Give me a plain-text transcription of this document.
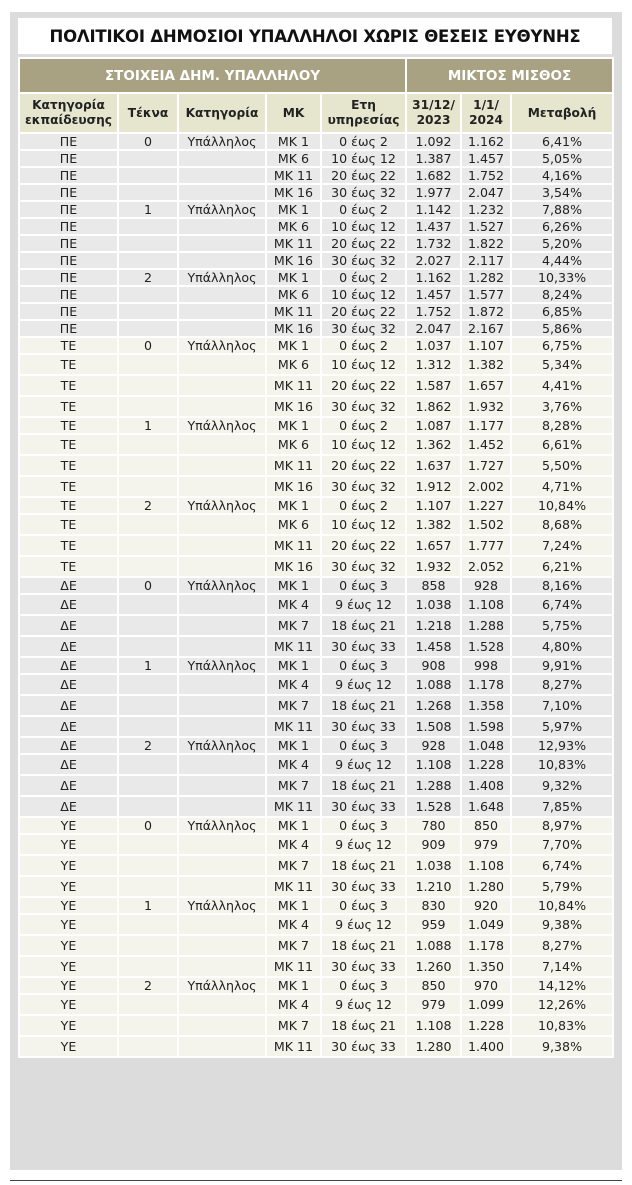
ΠΟΛΙΤΙΚΟΙ ΔΗΜΟΣΙΟΙ ΥΠΑΛΛΗΛΟΙ ΧΩΡΙΣ ΘΕΣΕΙΣ ΕΥΘΥΝΗΣ
ΣΤΟΙΧΕΙΑ ΔΗΜ. ΥΠΑΛΛΗΛΟΥ					ΜΙΚΤΟΣ ΜΙΣΘΟΣ		
Κατηγορία εκπαίδευσης	Τέκνα	Κατηγορία	ΜΚ	Ετη υπηρεσίας	31/12/ 2023	1/1/ 2024	Μεταβολή
ΠΕ	0	Υπάλληλος	ΜΚ 1	0 έως 2	1.092	1.162	6,41%
ΠΕ			ΜΚ 6	10 έως 12	1.387	1.457	5,05%
ΠΕ			ΜΚ 11	20 έως 22	1.682	1.752	4,16%
ΠΕ			ΜΚ 16	30 έως 32	1.977	2.047	3,54%
ΠΕ	1	Υπάλληλος	ΜΚ 1	0 έως 2	1.142	1.232	7,88%
ΠΕ			ΜΚ 6	10 έως 12	1.437	1.527	6,26%
ΠΕ			ΜΚ 11	20 έως 22	1.732	1.822	5,20%
ΠΕ			ΜΚ 16	30 έως 32	2.027	2.117	4,44%
ΠΕ	2	Υπάλληλος	ΜΚ 1	0 έως 2	1.162	1.282	10,33%
ΠΕ			ΜΚ 6	10 έως 12	1.457	1.577	8,24%
ΠΕ			ΜΚ 11	20 έως 22	1.752	1.872	6,85%
ΠΕ			ΜΚ 16	30 έως 32	2.047	2.167	5,86%
ΤΕ	0	Υπάλληλος	ΜΚ 1	0 έως 2	1.037	1.107	6,75%
ΤΕ			ΜΚ 6	10 έως 12	1.312	1.382	5,34%
ΤΕ			ΜΚ 11	20 έως 22	1.587	1.657	4,41%
ΤΕ			ΜΚ 16	30 έως 32	1.862	1.932	3,76%
ΤΕ	1	Υπάλληλος	ΜΚ 1	0 έως 2	1.087	1.177	8,28%
ΤΕ			ΜΚ 6	10 έως 12	1.362	1.452	6,61%
ΤΕ			ΜΚ 11	20 έως 22	1.637	1.727	5,50%
ΤΕ			ΜΚ 16	30 έως 32	1.912	2.002	4,71%
ΤΕ	2	Υπάλληλος	ΜΚ 1	0 έως 2	1.107	1.227	10,84%
ΤΕ			ΜΚ 6	10 έως 12	1.382	1.502	8,68%
ΤΕ			ΜΚ 11	20 έως 22	1.657	1.777	7,24%
ΤΕ			ΜΚ 16	30 έως 32	1.932	2.052	6,21%
ΔΕ	0	Υπάλληλος	ΜΚ 1	0 έως 3	858	928	8,16%
ΔΕ			ΜΚ 4	9 έως 12	1.038	1.108	6,74%
ΔΕ			ΜΚ 7	18 έως 21	1.218	1.288	5,75%
ΔΕ			ΜΚ 11	30 έως 33	1.458	1.528	4,80%
ΔΕ	1	Υπάλληλος	ΜΚ 1	0 έως 3	908	998	9,91%
ΔΕ			ΜΚ 4	9 έως 12	1.088	1.178	8,27%
ΔΕ			ΜΚ 7	18 έως 21	1.268	1.358	7,10%
ΔΕ			ΜΚ 11	30 έως 33	1.508	1.598	5,97%
ΔΕ	2	Υπάλληλος	ΜΚ 1	0 έως 3	928	1.048	12,93%
ΔΕ			ΜΚ 4	9 έως 12	1.108	1.228	10,83%
ΔΕ			ΜΚ 7	18 έως 21	1.288	1.408	9,32%
ΔΕ			ΜΚ 11	30 έως 33	1.528	1.648	7,85%
ΥΕ	0	Υπάλληλος	ΜΚ 1	0 έως 3	780	850	8,97%
ΥΕ			ΜΚ 4	9 έως 12	909	979	7,70%
ΥΕ			ΜΚ 7	18 έως 21	1.038	1.108	6,74%
ΥΕ			ΜΚ 11	30 έως 33	1.210	1.280	5,79%
ΥΕ	1	Υπάλληλος	ΜΚ 1	0 έως 3	830	920	10,84%
ΥΕ			ΜΚ 4	9 έως 12	959	1.049	9,38%
ΥΕ			ΜΚ 7	18 έως 21	1.088	1.178	8,27%
ΥΕ			ΜΚ 11	30 έως 33	1.260	1.350	7,14%
ΥΕ	2	Υπάλληλος	ΜΚ 1	0 έως 3	850	970	14,12%
ΥΕ			ΜΚ 4	9 έως 12	979	1.099	12,26%
ΥΕ			ΜΚ 7	18 έως 21	1.108	1.228	10,83%
ΥΕ			ΜΚ 11	30 έως 33	1.280	1.400	9,38%
